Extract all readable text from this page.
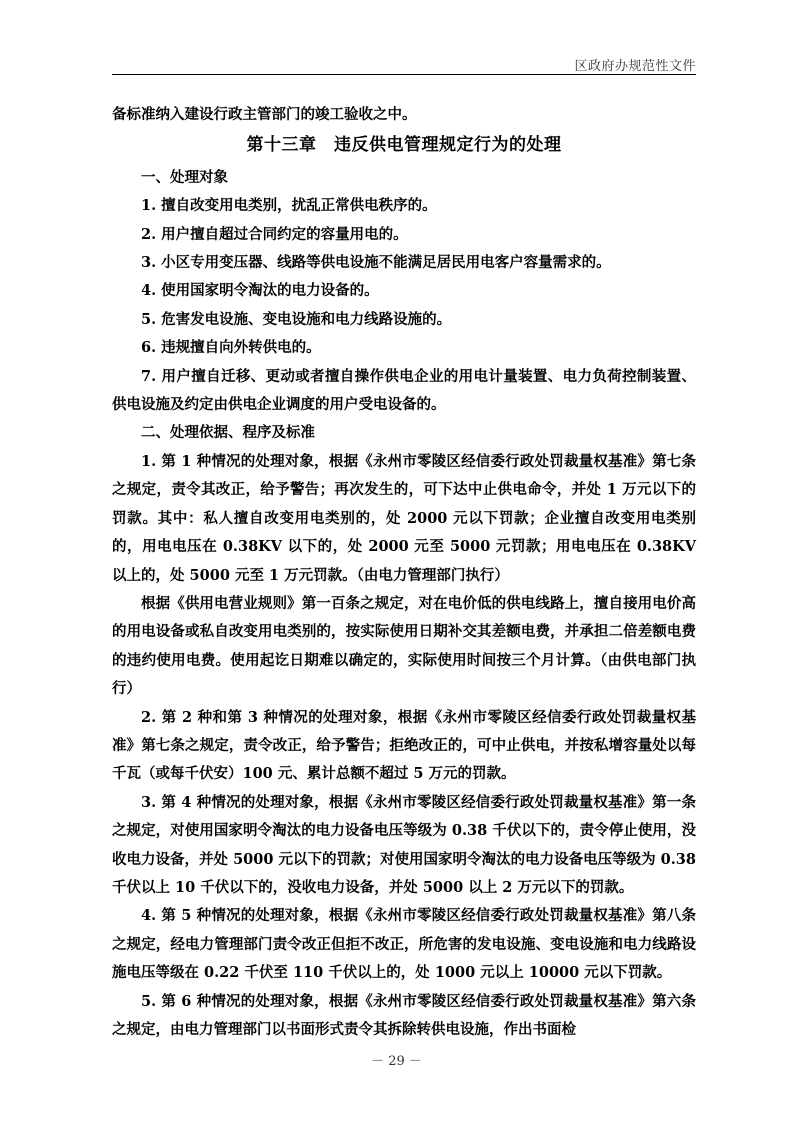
区政府办规范性文件

备标准纳入建设行政主管部门的竣工验收之中。

第十三章　违反供电管理规定行为的处理

一、处理对象

1. 擅自改变用电类别，扰乱正常供电秩序的。

2. 用户擅自超过合同约定的容量用电的。

3. 小区专用变压器、线路等供电设施不能满足居民用电客户容量需求的。

4. 使用国家明令淘汰的电力设备的。

5. 危害发电设施、变电设施和电力线路设施的。

6. 违规擅自向外转供电的。

7. 用户擅自迁移、更动或者擅自操作供电企业的用电计量装置、电力负荷控制装置、供电设施及约定由供电企业调度的用户受电设备的。

二、处理依据、程序及标准

1. 第 1 种情况的处理对象，根据《永州市零陵区经信委行政处罚裁量权基准》第七条之规定，责令其改正，给予警告；再次发生的，可下达中止供电命令，并处 1 万元以下的罚款。其中：私人擅自改变用电类别的，处 2000 元以下罚款；企业擅自改变用电类别的，用电电压在 0.38KV 以下的，处 2000 元至 5000 元罚款；用电电压在 0.38KV 以上的，处 5000 元至 1 万元罚款。（由电力管理部门执行）

根据《供用电营业规则》第一百条之规定，对在电价低的供电线路上，擅自接用电价高的用电设备或私自改变用电类别的，按实际使用日期补交其差额电费，并承担二倍差额电费的违约使用电费。使用起讫日期难以确定的，实际使用时间按三个月计算。（由供电部门执行）

2. 第 2 种和第 3 种情况的处理对象，根据《永州市零陵区经信委行政处罚裁量权基准》第七条之规定，责令改正，给予警告；拒绝改正的，可中止供电，并按私增容量处以每千瓦（或每千伏安）100 元、累计总额不超过 5 万元的罚款。

3. 第 4 种情况的处理对象，根据《永州市零陵区经信委行政处罚裁量权基准》第一条之规定，对使用国家明令淘汰的电力设备电压等级为 0.38 千伏以下的，责令停止使用，没收电力设备，并处 5000 元以下的罚款；对使用国家明令淘汰的电力设备电压等级为 0.38 千伏以上 10 千伏以下的，没收电力设备，并处 5000 以上 2 万元以下的罚款。

4. 第 5 种情况的处理对象，根据《永州市零陵区经信委行政处罚裁量权基准》第八条之规定，经电力管理部门责令改正但拒不改正，所危害的发电设施、变电设施和电力线路设施电压等级在 0.22 千伏至 110 千伏以上的，处 1000 元以上 10000 元以下罚款。

5. 第 6 种情况的处理对象，根据《永州市零陵区经信委行政处罚裁量权基准》第六条之规定，由电力管理部门以书面形式责令其拆除转供电设施，作出书面检

－ 29 －
